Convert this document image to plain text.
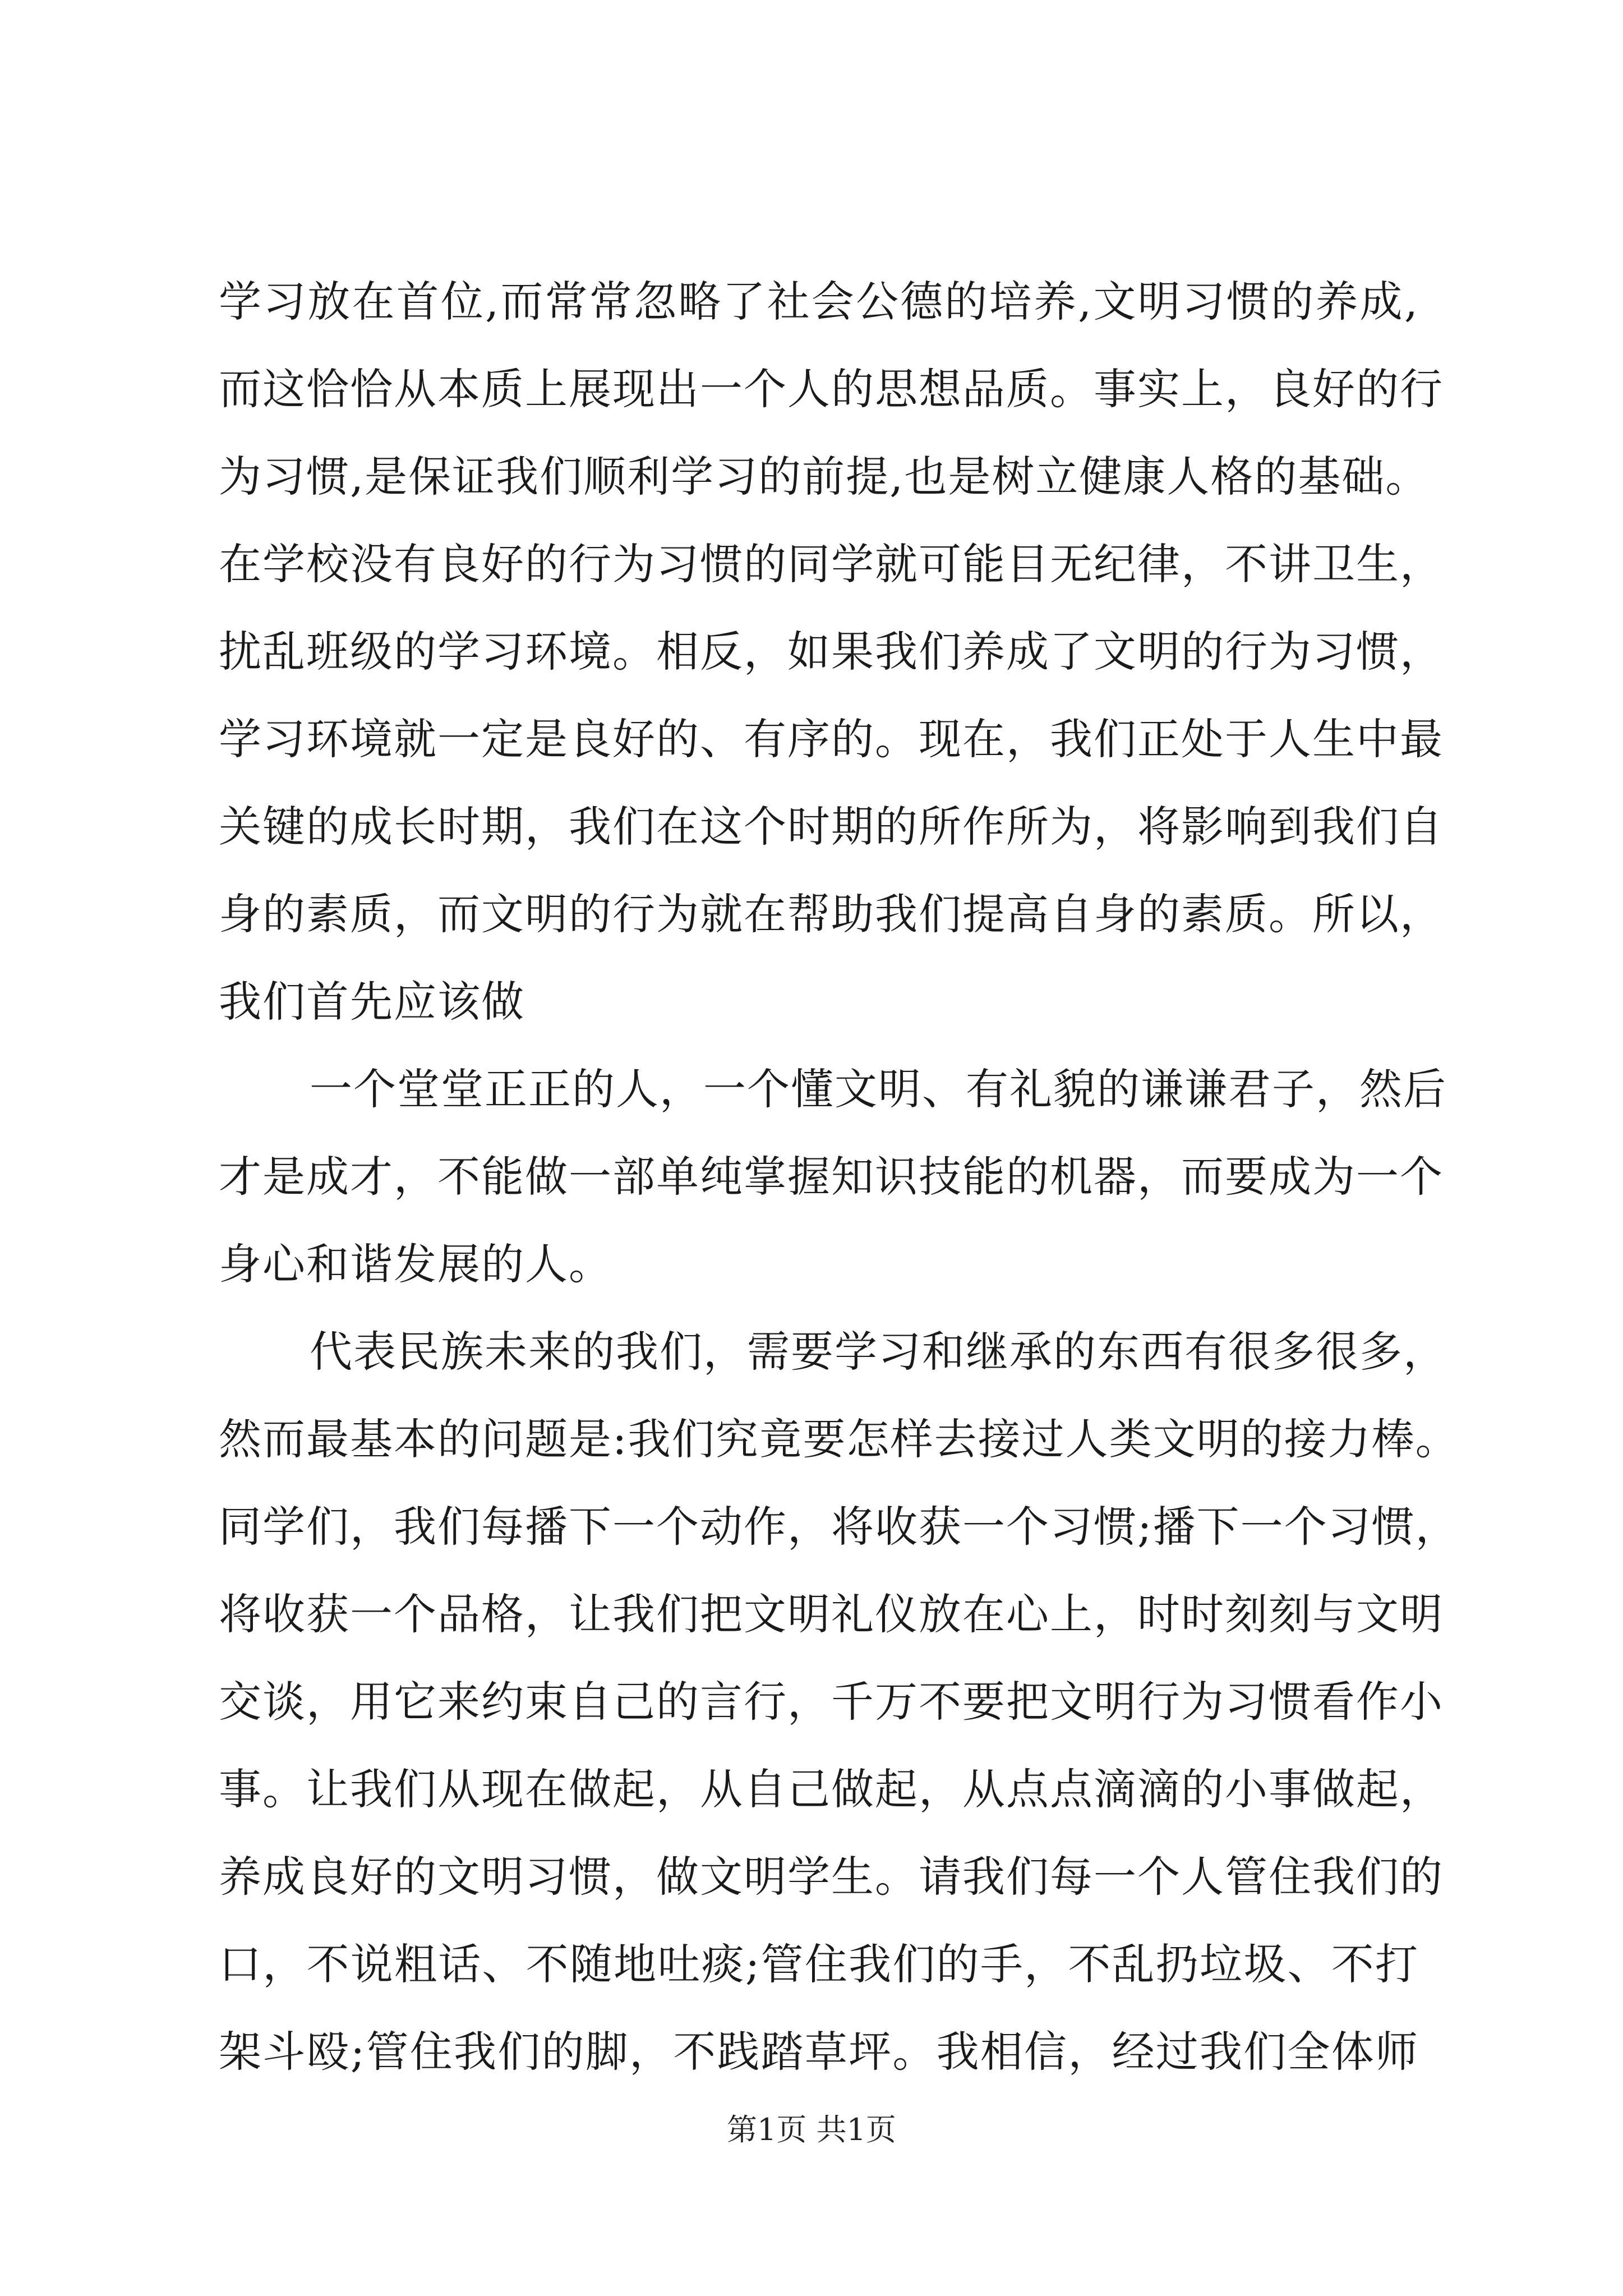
学习放在首位,而常常忽略了社会公德的培养,文明习惯的养成,
而这恰恰从本质上展现出一个人的思想品质。事实上，良好的行
为习惯,是保证我们顺利学习的前提,也是树立健康人格的基础。
在学校没有良好的行为习惯的同学就可能目无纪律，不讲卫生，
扰乱班级的学习环境。相反，如果我们养成了文明的行为习惯，
学习环境就一定是良好的、有序的。现在，我们正处于人生中最
关键的成长时期，我们在这个时期的所作所为，将影响到我们自
身的素质，而文明的行为就在帮助我们提高自身的素质。所以，
我们首先应该做
一个堂堂正正的人，一个懂文明、有礼貌的谦谦君子，然后
才是成才，不能做一部单纯掌握知识技能的机器，而要成为一个
身心和谐发展的人。
代表民族未来的我们，需要学习和继承的东西有很多很多，
然而最基本的问题是:我们究竟要怎样去接过人类文明的接力棒。
同学们，我们每播下一个动作，将收获一个习惯;播下一个习惯，
将收获一个品格，让我们把文明礼仪放在心上，时时刻刻与文明
交谈，用它来约束自己的言行，千万不要把文明行为习惯看作小
事。让我们从现在做起，从自己做起，从点点滴滴的小事做起，
养成良好的文明习惯，做文明学生。请我们每一个人管住我们的
口，不说粗话、不随地吐痰;管住我们的手，不乱扔垃圾、不打
架斗殴;管住我们的脚，不践踏草坪。我相信，经过我们全体师
第1页 共1页
